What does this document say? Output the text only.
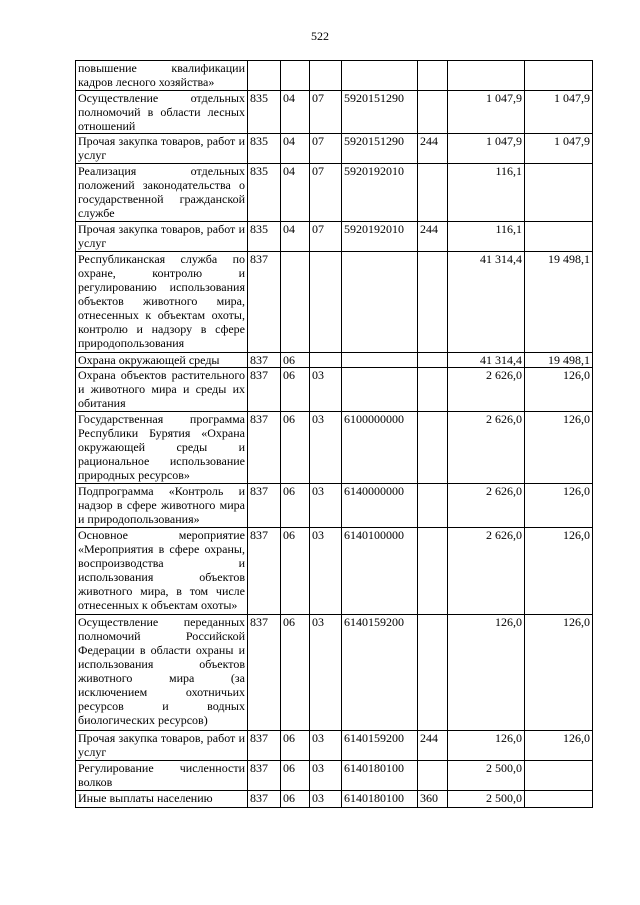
522
повышение квалификации кадров лесного хозяйства»							
Осуществление отдельных полномочий в области лесных отношений	835	04	07	5920151290		1 047,9	1 047,9
Прочая закупка товаров, работ и услуг	835	04	07	5920151290	244	1 047,9	1 047,9
Реализация отдельных положений законодательства о государственной гражданской службе	835	04	07	5920192010		116,1	
Прочая закупка товаров, работ и услуг	835	04	07	5920192010	244	116,1	
Республиканская служба по охране, контролю и регулированию использования объектов животного мира, отнесенных к объектам охоты, контролю и надзору в сфере природопользования	837					41 314,4	19 498,1
Охрана окружающей среды	837	06				41 314,4	19 498,1
Охрана объектов растительного и животного мира и среды их обитания	837	06	03			2 626,0	126,0
Государственная программа Республики Бурятия «Охрана окружающей среды и рациональное использование природных ресурсов»	837	06	03	6100000000		2 626,0	126,0
Подпрограмма «Контроль и надзор в сфере животного мира и природопользования»	837	06	03	6140000000		2 626,0	126,0
Основное мероприятие «Мероприятия в сфере охраны, воспроизводства и использования объектов животного мира, в том числе отнесенных к объектам охоты»	837	06	03	6140100000		2 626,0	126,0
Осуществление переданных полномочий Российской Федерации в области охраны и использования объектов животного мира (за исключением охотничьих ресурсов и водных биологических ресурсов)	837	06	03	6140159200		126,0	126,0
Прочая закупка товаров, работ и услуг	837	06	03	6140159200	244	126,0	126,0
Регулирование численности волков	837	06	03	6140180100		2 500,0	
Иные выплаты населению	837	06	03	6140180100	360	2 500,0	
